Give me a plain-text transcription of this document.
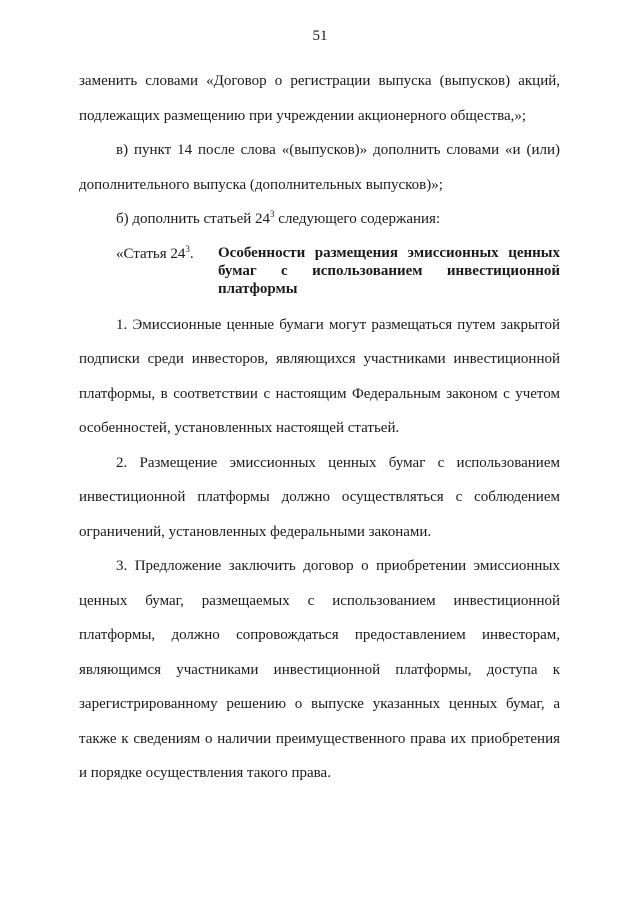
51

заменить словами «Договор о регистрации выпуска (выпусков) акций, подлежащих размещению при учреждении акционерного общества,»;

в) пункт 14 после слова «(выпусков)» дополнить словами «и (или) дополнительного выпуска (дополнительных выпусков)»;

б) дополнить статьей $24^3$ следующего содержания:

«Статья $24^3$.	Особенности размещения эмиссионных ценных бумаг с использованием инвестиционной платформы

1. Эмиссионные ценные бумаги могут размещаться путем закрытой подписки среди инвесторов, являющихся участниками инвестиционной платформы, в соответствии с настоящим Федеральным законом с учетом особенностей, установленных настоящей статьей.

2. Размещение эмиссионных ценных бумаг с использованием инвестиционной платформы должно осуществляться с соблюдением ограничений, установленных федеральными законами.

3. Предложение заключить договор о приобретении эмиссионных ценных бумаг, размещаемых с использованием инвестиционной платформы, должно сопровождаться предоставлением инвесторам, являющимся участниками инвестиционной платформы, доступа к зарегистрированному решению о выпуске указанных ценных бумаг, а также к сведениям о наличии преимущественного права их приобретения и порядке осуществления такого права.
